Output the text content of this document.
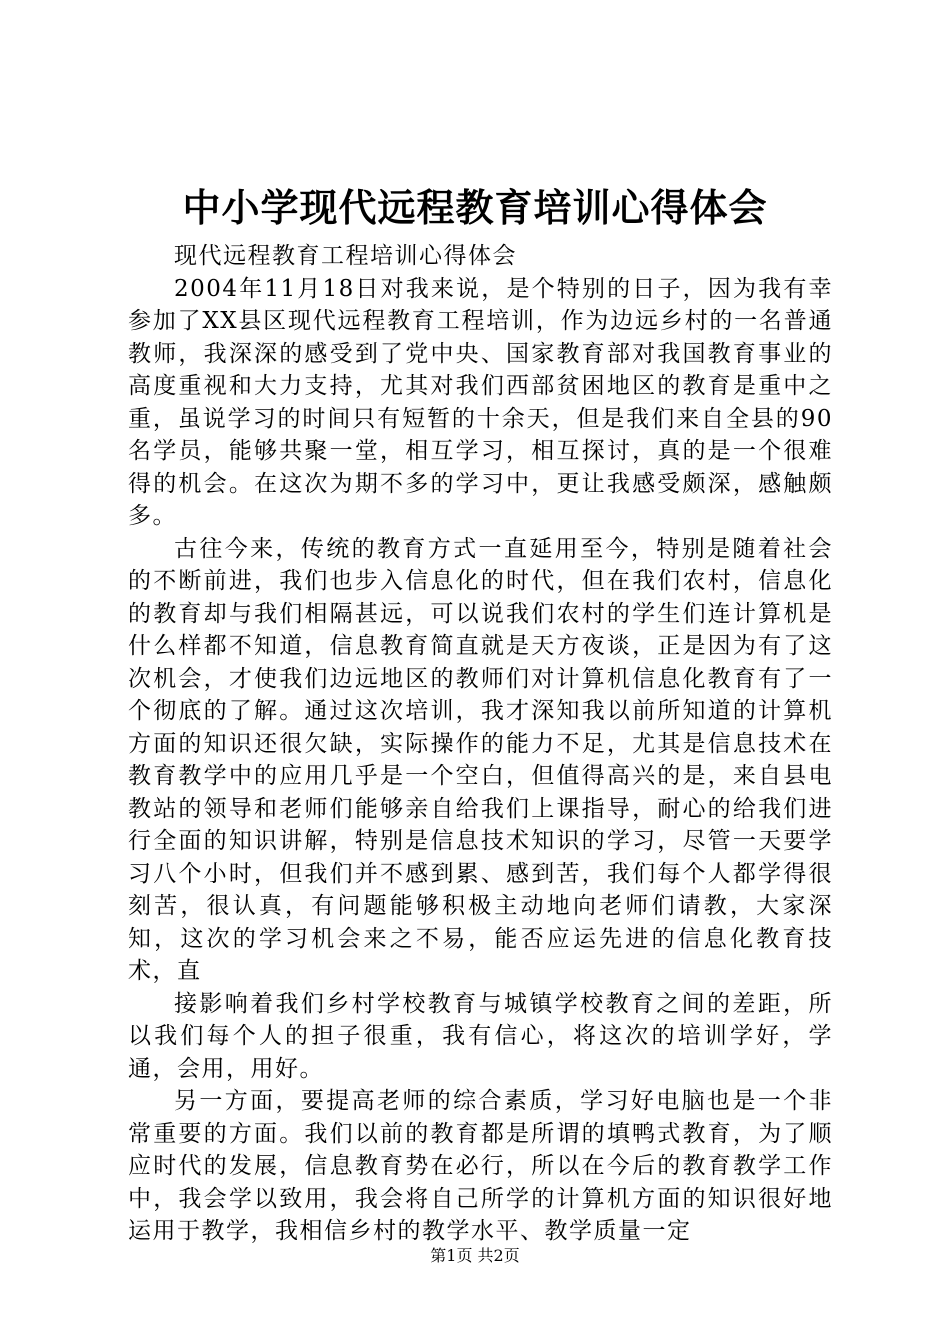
中小学现代远程教育培训心得体会

现代远程教育工程培训心得体会

2004年11月18日对我来说，是个特别的日子，因为我有幸参加了XX县区现代远程教育工程培训，作为边远乡村的一名普通教师，我深深的感受到了党中央、国家教育部对我国教育事业的高度重视和大力支持，尤其对我们西部贫困地区的教育是重中之重，虽说学习的时间只有短暂的十余天，但是我们来自全县的90名学员，能够共聚一堂，相互学习，相互探讨，真的是一个很难得的机会。在这次为期不多的学习中，更让我感受颇深，感触颇多。

古往今来，传统的教育方式一直延用至今，特别是随着社会的不断前进，我们也步入信息化的时代，但在我们农村，信息化的教育却与我们相隔甚远，可以说我们农村的学生们连计算机是什么样都不知道，信息教育简直就是天方夜谈，正是因为有了这次机会，才使我们边远地区的教师们对计算机信息化教育有了一个彻底的了解。通过这次培训，我才深知我以前所知道的计算机方面的知识还很欠缺，实际操作的能力不足，尤其是信息技术在教育教学中的应用几乎是一个空白，但值得高兴的是，来自县电教站的领导和老师们能够亲自给我们上课指导，耐心的给我们进行全面的知识讲解，特别是信息技术知识的学习，尽管一天要学习八个小时，但我们并不感到累、感到苦，我们每个人都学得很刻苦，很认真，有问题能够积极主动地向老师们请教，大家深知，这次的学习机会来之不易，能否应运先进的信息化教育技术，直

接影响着我们乡村学校教育与城镇学校教育之间的差距，所以我们每个人的担子很重，我有信心，将这次的培训学好，学通，会用，用好。

另一方面，要提高老师的综合素质，学习好电脑也是一个非常重要的方面。我们以前的教育都是所谓的填鸭式教育，为了顺应时代的发展，信息教育势在必行，所以在今后的教育教学工作中，我会学以致用，我会将自己所学的计算机方面的知识很好地运用于教学，我相信乡村的教学水平、教学质量一定

第1页 共2页
